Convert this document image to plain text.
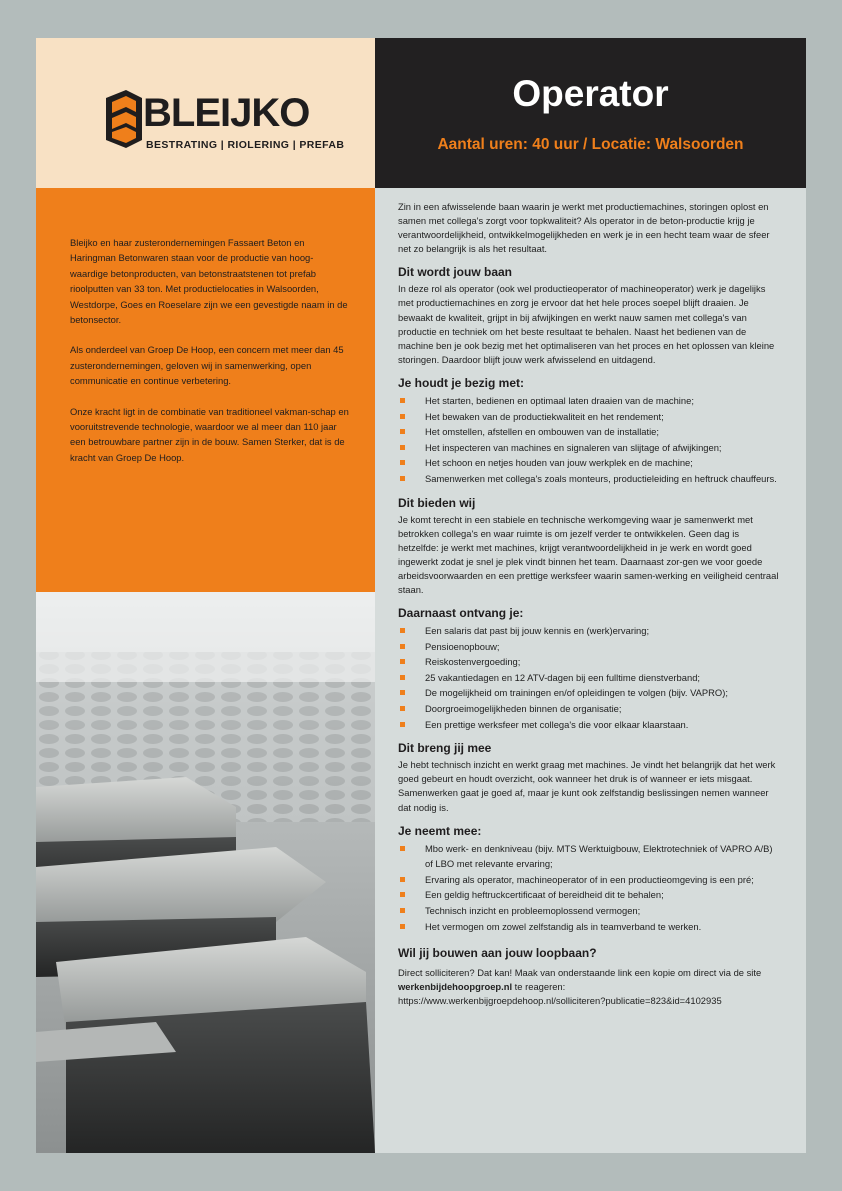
Zin in een afwisselende baan waarin je werkt met productiemachines, storingen oplost en samen met collega's zorgt voor topkwaliteit? Als operator in de beton-productie krijg je verantwoordelijkheid, ontwikkelmogelijkheden en werk je in een hecht team waar de sfeer net zo belangrijk is als het resultaat.

Dit wordt jouw baan

In deze rol als operator (ook wel productieoperator of machineoperator) werk je dagelijks met productiemachines en zorg je ervoor dat het hele proces soepel blijft draaien. Je bewaakt de kwaliteit, grijpt in bij afwijkingen en werkt nauw samen met collega's van productie en techniek om het beste resultaat te behalen. Naast het bedienen van de machine ben je ook bezig met het optimaliseren van het proces en het oplossen van kleine storingen. Daardoor blijft jouw werk afwisselend en uitdagend.

Je houdt je bezig met:
Het starten, bedienen en optimaal laten draaien van de machine;
Het bewaken van de productiekwaliteit en het rendement;
Het omstellen, afstellen en ombouwen van de installatie;
Het inspecteren van machines en signaleren van slijtage of afwijkingen;
Het schoon en netjes houden van jouw werkplek en de machine;
Samenwerken met collega's zoals monteurs, productieleiding en heftruck chauffeurs.
Dit bieden wij

Je komt terecht in een stabiele en technische werkomgeving waar je samenwerkt met betrokken collega's en waar ruimte is om jezelf verder te ontwikkelen. Geen dag is hetzelfde: je werkt met machines, krijgt verantwoordelijkheid in je werk en wordt goed ingewerkt zodat je snel je plek vindt binnen het team. Daarnaast zor-gen we voor goede arbeidsvoorwaarden en een prettige werksfeer waarin samen-werking en veiligheid centraal staan.

Daarnaast ontvang je:
Een salaris dat past bij jouw kennis en (werk)ervaring;
Pensioenopbouw;
Reiskostenvergoeding;
25 vakantiedagen en 12 ATV-dagen bij een fulltime dienstverband;
De mogelijkheid om trainingen en/of opleidingen te volgen (bijv. VAPRO);
Doorgroeimogelijkheden binnen de organisatie;
Een prettige werksfeer met collega's die voor elkaar klaarstaan.
Dit breng jij mee

Je hebt technisch inzicht en werkt graag met machines. Je vindt het belangrijk dat het werk goed gebeurt en houdt overzicht, ook wanneer het druk is of wanneer er iets misgaat. Samenwerken gaat je goed af, maar je kunt ook zelfstandig beslissingen nemen wanneer dat nodig is.

Je neemt mee:
Mbo werk- en denkniveau (bijv. MTS Werktuigbouw, Elektrotechniek of VAPRO A/B) of LBO met relevante ervaring;
Ervaring als operator, machineoperator of in een productieomgeving is een pré;
Een geldig heftruckcertificaat of bereidheid dit te behalen;
Technisch inzicht en probleemoplossend vermogen;
Het vermogen om zowel zelfstandig als in teamverband te werken.
Wil jij bouwen aan jouw loopbaan?

Direct solliciteren? Dat kan! Maak van onderstaande link een kopie om direct via de site werkenbijdehoopgroep.nl te reageren:

https://www.werkenbijgroepdehoop.nl/solliciteren?publicatie=823&id=4102935

BLEIJKO
BESTRATING | RIOLERING | PREFAB

Bleijko en haar zusterondernemingen Fassaert Beton en Haringman Betonwaren staan voor de productie van hoog-waardige betonproducten, van betonstraatstenen tot prefab rioolputten van 33 ton. Met productielocaties in Walsoorden, Westdorpe, Goes en Roeselare zijn we een gevestigde naam in de betonsector.

Als onderdeel van Groep De Hoop, een concern met meer dan 45 zusterondernemingen, geloven wij in samenwerking, open communicatie en continue verbetering.

Onze kracht ligt in de combinatie van traditioneel vakman-schap en vooruitstrevende technologie, waardoor we al meer dan 110 jaar een betrouwbare partner zijn in de bouw. Samen Sterker, dat is de kracht van Groep De Hoop.

Operator
Aantal uren: 40 uur / Locatie: Walsoorden
